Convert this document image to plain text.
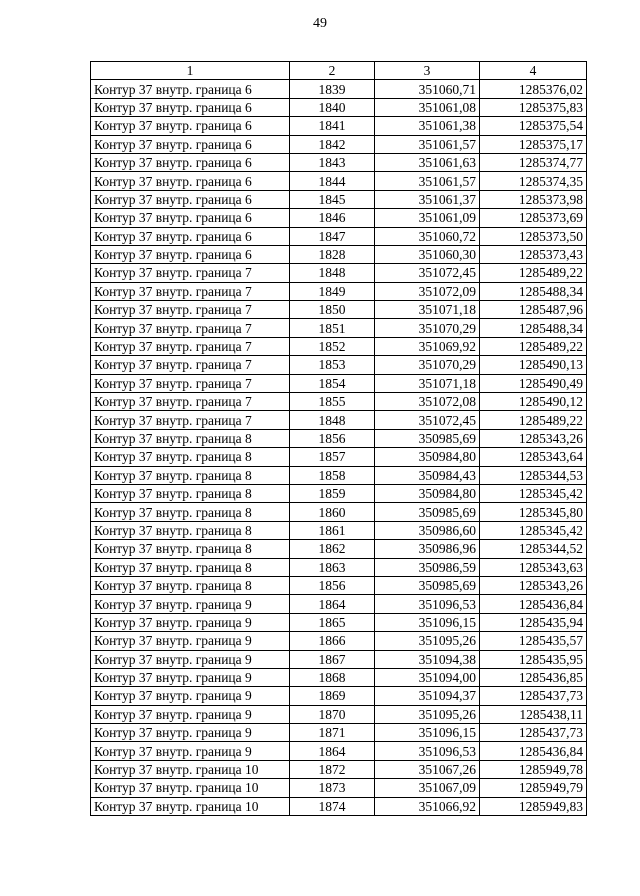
49
1	2	3	4
Контур 37 внутр. граница 6	1839	351060,71	1285376,02
Контур 37 внутр. граница 6	1840	351061,08	1285375,83
Контур 37 внутр. граница 6	1841	351061,38	1285375,54
Контур 37 внутр. граница 6	1842	351061,57	1285375,17
Контур 37 внутр. граница 6	1843	351061,63	1285374,77
Контур 37 внутр. граница 6	1844	351061,57	1285374,35
Контур 37 внутр. граница 6	1845	351061,37	1285373,98
Контур 37 внутр. граница 6	1846	351061,09	1285373,69
Контур 37 внутр. граница 6	1847	351060,72	1285373,50
Контур 37 внутр. граница 6	1828	351060,30	1285373,43
Контур 37 внутр. граница 7	1848	351072,45	1285489,22
Контур 37 внутр. граница 7	1849	351072,09	1285488,34
Контур 37 внутр. граница 7	1850	351071,18	1285487,96
Контур 37 внутр. граница 7	1851	351070,29	1285488,34
Контур 37 внутр. граница 7	1852	351069,92	1285489,22
Контур 37 внутр. граница 7	1853	351070,29	1285490,13
Контур 37 внутр. граница 7	1854	351071,18	1285490,49
Контур 37 внутр. граница 7	1855	351072,08	1285490,12
Контур 37 внутр. граница 7	1848	351072,45	1285489,22
Контур 37 внутр. граница 8	1856	350985,69	1285343,26
Контур 37 внутр. граница 8	1857	350984,80	1285343,64
Контур 37 внутр. граница 8	1858	350984,43	1285344,53
Контур 37 внутр. граница 8	1859	350984,80	1285345,42
Контур 37 внутр. граница 8	1860	350985,69	1285345,80
Контур 37 внутр. граница 8	1861	350986,60	1285345,42
Контур 37 внутр. граница 8	1862	350986,96	1285344,52
Контур 37 внутр. граница 8	1863	350986,59	1285343,63
Контур 37 внутр. граница 8	1856	350985,69	1285343,26
Контур 37 внутр. граница 9	1864	351096,53	1285436,84
Контур 37 внутр. граница 9	1865	351096,15	1285435,94
Контур 37 внутр. граница 9	1866	351095,26	1285435,57
Контур 37 внутр. граница 9	1867	351094,38	1285435,95
Контур 37 внутр. граница 9	1868	351094,00	1285436,85
Контур 37 внутр. граница 9	1869	351094,37	1285437,73
Контур 37 внутр. граница 9	1870	351095,26	1285438,11
Контур 37 внутр. граница 9	1871	351096,15	1285437,73
Контур 37 внутр. граница 9	1864	351096,53	1285436,84
Контур 37 внутр. граница 10	1872	351067,26	1285949,78
Контур 37 внутр. граница 10	1873	351067,09	1285949,79
Контур 37 внутр. граница 10	1874	351066,92	1285949,83
